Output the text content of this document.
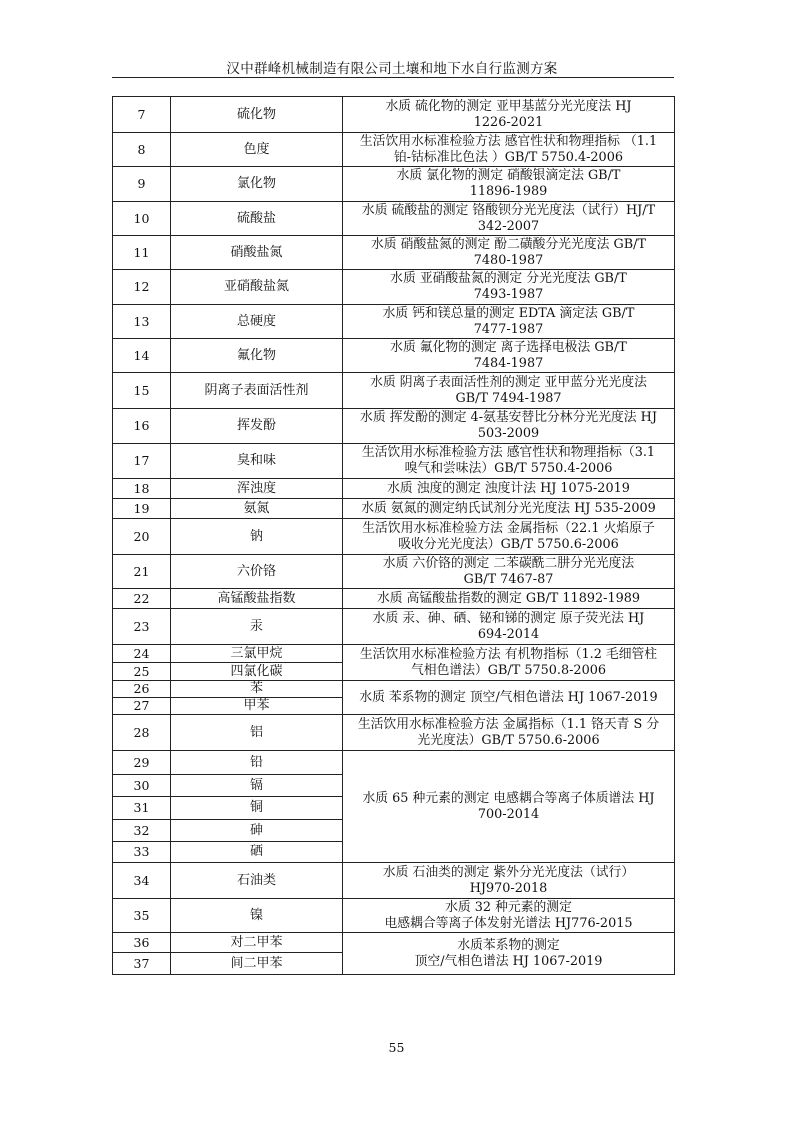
汉中群峰机械制造有限公司土壤和地下水自行监测方案
7	硫化物	水质 硫化物的测定 亚甲基蓝分光光度法 HJ
1226-2021

8	色度	生活饮用水标准检验方法 感官性状和物理指标 （1.1
铂-钴标准比色法 ）GB/T 5750.4-2006

9	氯化物	水质 氯化物的测定 硝酸银滴定法 GB/T
11896-1989

10	硫酸盐	水质 硫酸盐的测定 铬酸钡分光光度法（试行）HJ/T
342-2007

11	硝酸盐氮	水质 硝酸盐氮的测定 酚二磺酸分光光度法 GB/T
7480-1987

12	亚硝酸盐氮	水质 亚硝酸盐氮的测定 分光光度法 GB/T
7493-1987

13	总硬度	水质 钙和镁总量的测定 EDTA 滴定法 GB/T
7477-1987

14	氟化物	水质 氟化物的测定 离子选择电极法 GB/T
7484-1987

15	阴离子表面活性剂	水质 阴离子表面活性剂的测定 亚甲蓝分光光度法
GB/T 7494-1987

16	挥发酚	水质 挥发酚的测定 4-氨基安替比分林分光光度法 HJ
503-2009

17	臭和味	生活饮用水标准检验方法 感官性状和物理指标（3.1
嗅气和尝味法）GB/T 5750.4-2006

18	浑浊度	水质 浊度的测定 浊度计法 HJ 1075-2019

19	氨氮	水质 氨氮的测定纳氏试剂分光光度法 HJ 535-2009

20	钠	生活饮用水标准检验方法 金属指标（22.1 火焰原子
吸收分光光度法）GB/T 5750.6-2006

21	六价铬	水质 六价铬的测定 二苯碳酰二肼分光光度法
GB/T 7467-87

22	高锰酸盐指数	水质 高锰酸盐指数的测定 GB/T 11892-1989

23	汞	水质 汞、砷、硒、铋和锑的测定 原子荧光法 HJ
694-2014

24	三氯甲烷	生活饮用水标准检验方法 有机物指标（1.2 毛细管柱
气相色谱法）GB/T 5750.8-2006

25	四氯化碳	
26	苯	水质 苯系物的测定 顶空/气相色谱法 HJ 1067-2019

27	甲苯	
28	铝	生活饮用水标准检验方法 金属指标（1.1 铬天青 S 分
光光度法）GB/T 5750.6-2006

29	铅	水质 65 种元素的测定 电感耦合等离子体质谱法 HJ
700-2014

30	镉	
31	铜	
32	砷	
33	硒	
34	石油类	水质 石油类的测定 紫外分光光度法（试行）
HJ970-2018

35	镍	水质 32 种元素的测定
电感耦合等离子体发射光谱法 HJ776-2015

36	对二甲苯	水质苯系物的测定
顶空/气相色谱法 HJ 1067-2019

37	间二甲苯	
55
